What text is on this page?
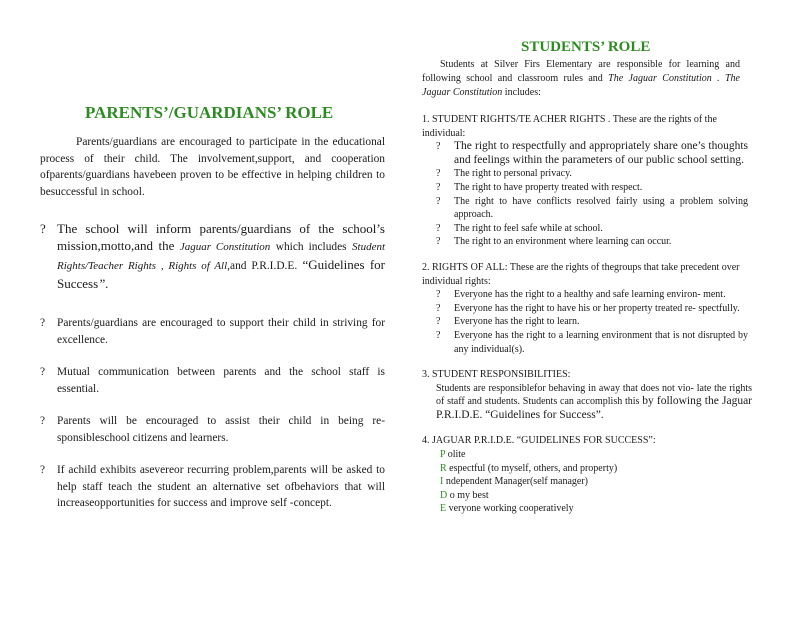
PARENTS’/GUARDIANS’ ROLE

Parents/guardians are encouraged to participate in the educational process of their child. The involvement,support, and cooperation ofparents/guardians havebeen proven to be effective in helping children to besuccessful in school.

? The school will inform parents/guardians of the school’s mission,motto,and the Jaguar Constitution which includes Student Rights/Teacher Rights , Rights of All,and P.R.I.D.E. “Guidelines for Success”.
? Parents/guardians are encouraged to support their child in striving for excellence.
? Mutual communication between parents and the school staff is essential.
? Parents will be encouraged to assist their child in being re- sponsibleschool citizens and learners.
? If achild exhibits asevereor recurring problem,parents will be asked to help staff teach the student an alternative set ofbehaviors that will increaseopportunities for success and improve self -concept.
STUDENTS’ ROLE

Students at Silver Firs Elementary are responsible for learning and following school and classroom rules and The Jaguar Constitution . The Jaguar Constitution includes:

1. STUDENT RIGHTS/TE ACHER RIGHTS . These are the rights of the individual:

? The right to respectfully and appropriately share one’s thoughts and feelings within the parameters of our public school setting.
? The right to personal privacy.
? The right to have property treated with respect.
? The right to have conflicts resolved fairly using a problem solving approach.
? The right to feel safe while at school.
? The right to an environment where learning can occur.

2. RIGHTS OF ALL: These are the rights of thegroups that take precedent over individual rights:

? Everyone has the right to a healthy and safe learning environ- ment.
? Everyone has the right to have his or her property treated re- spectfully.
? Everyone has the right to learn.
? Everyone has the right to a learning environment that is not disrupted by any individual(s).

3. STUDENT RESPONSIBILITIES:

Students are responsiblefor behaving in away that does not vio- late the rights of staff and students. Students can accomplish this by following the Jaguar P.R.I.D.E. “Guidelines for Success”.

4. JAGUAR P.R.I.D.E. “GUIDELINES FOR SUCCESS”:

P olite

R espectful (to myself, others, and property)

I ndependent Manager(self manager)

D o my best

E veryone working cooperatively
